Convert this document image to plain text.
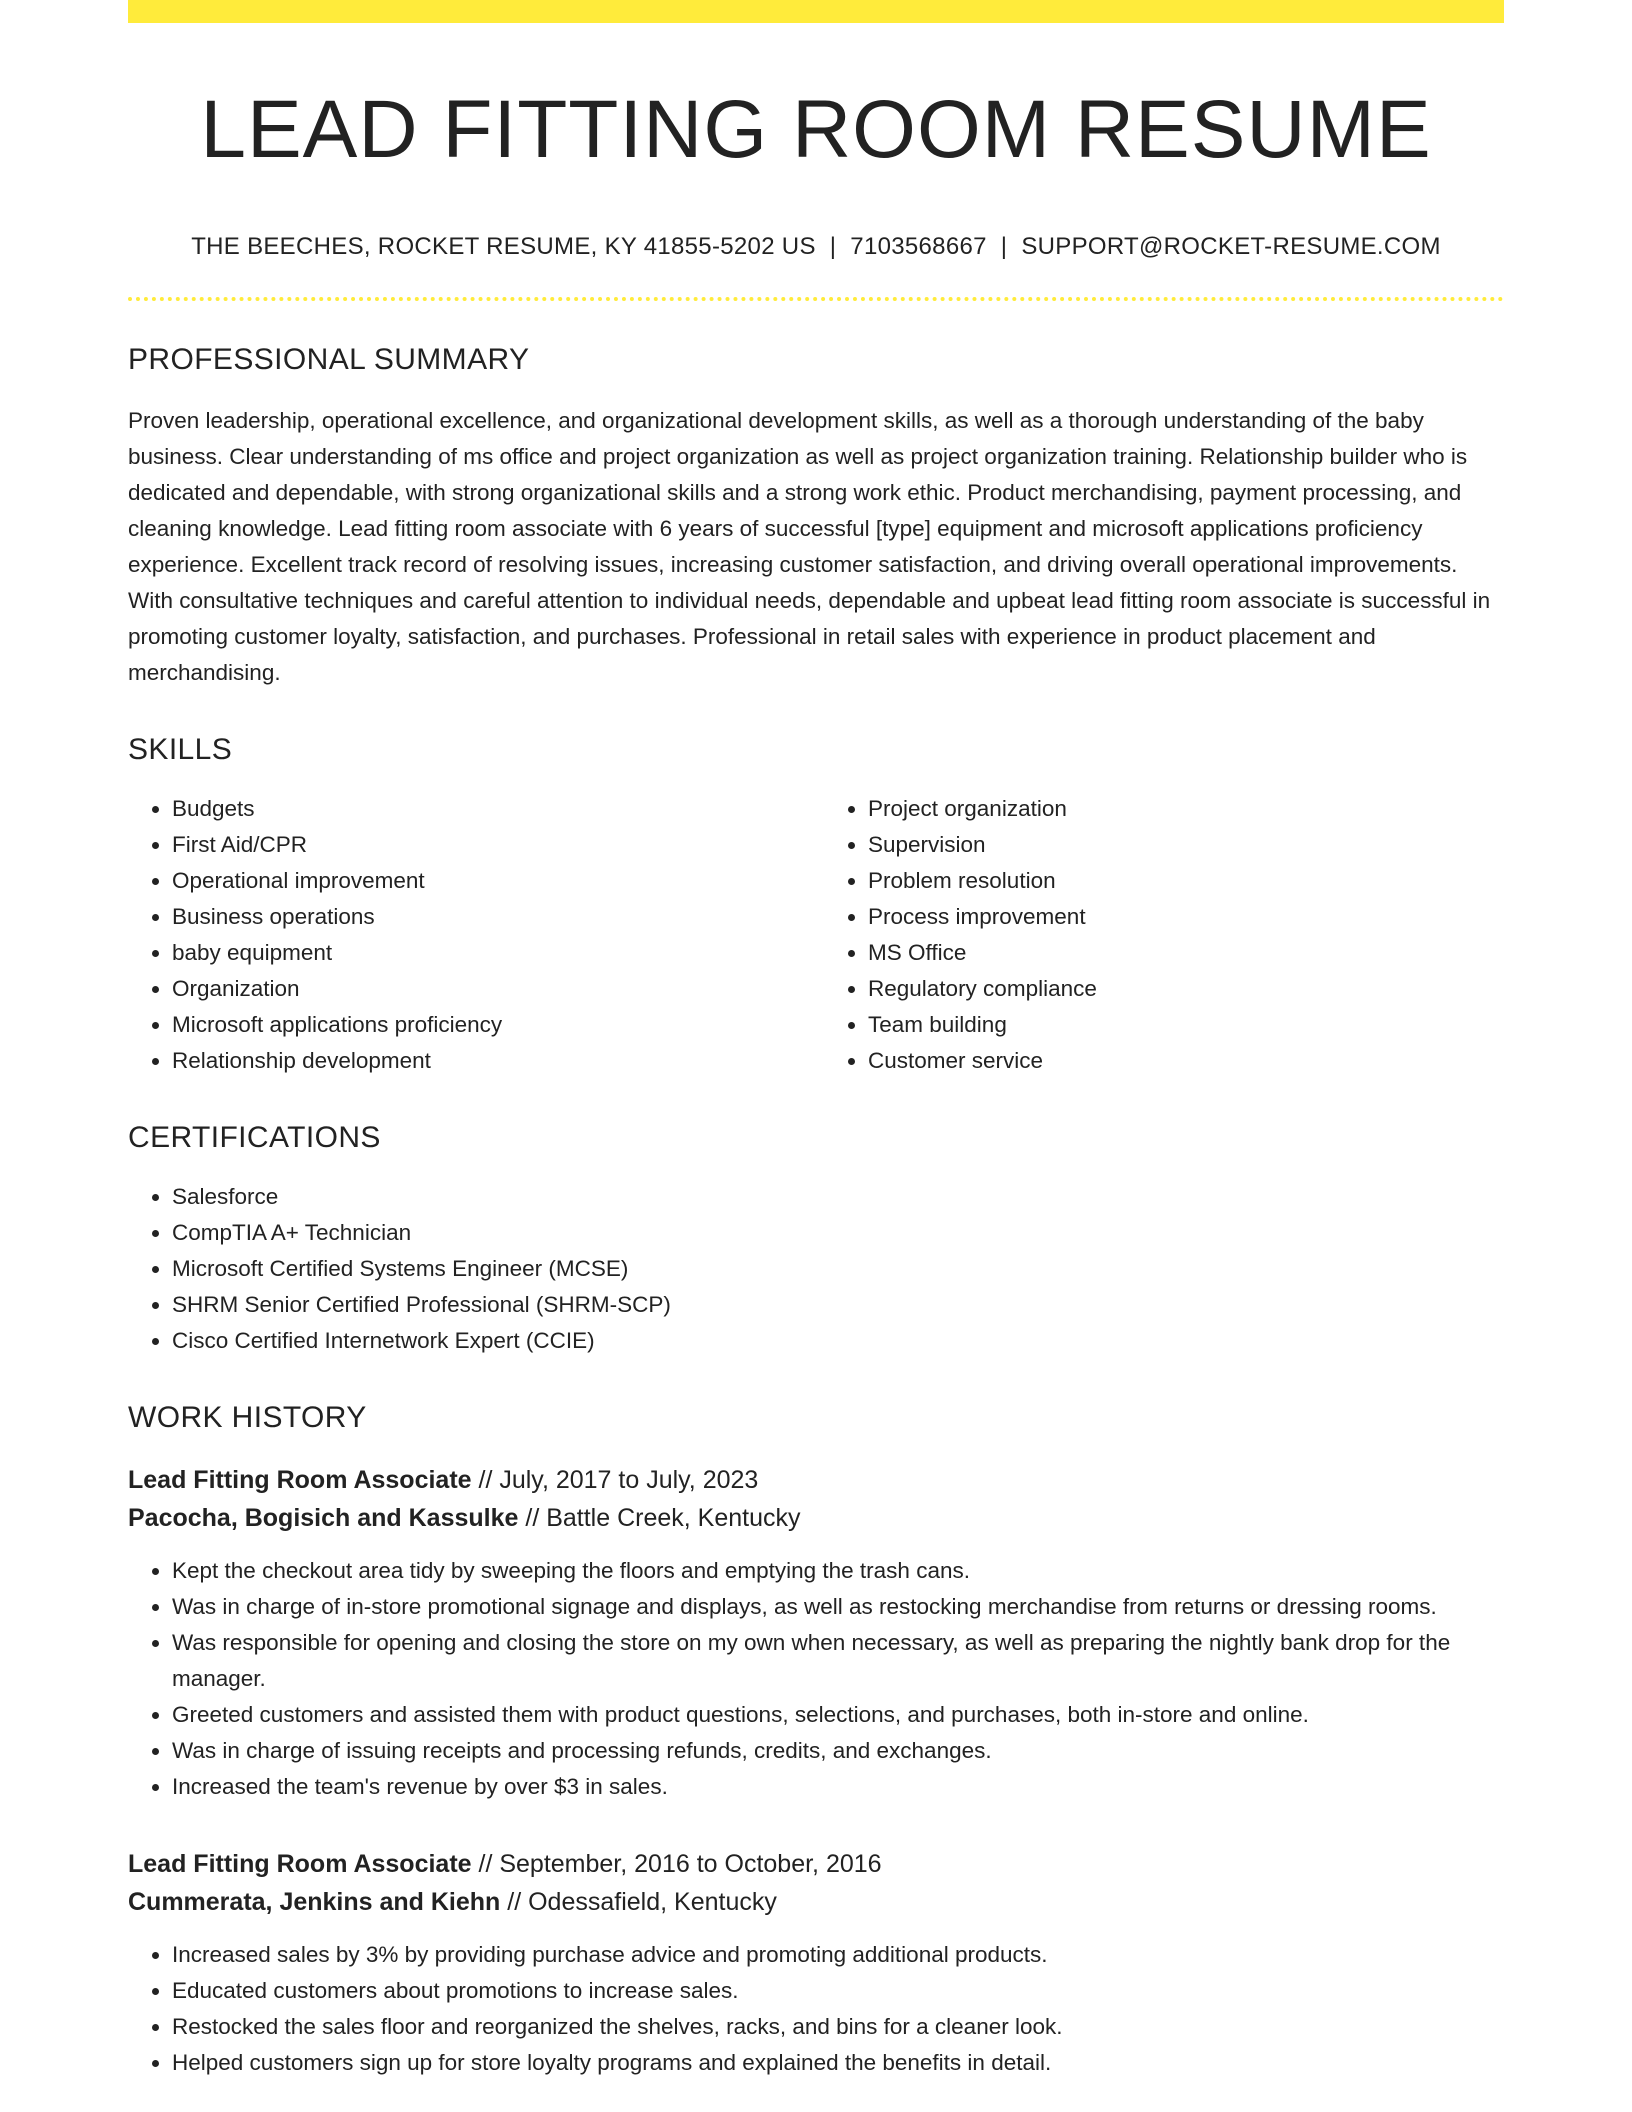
LEAD FITTING ROOM RESUME
THE BEECHES, ROCKET RESUME, KY 41855-5202 US | 7103568667 | SUPPORT@ROCKET-RESUME.COM
PROFESSIONAL SUMMARY
Proven leadership, operational excellence, and organizational development skills, as well as a thorough understanding of the baby business. Clear understanding of ms office and project organization as well as project organization training. Relationship builder who is dedicated and dependable, with strong organizational skills and a strong work ethic. Product merchandising, payment processing, and cleaning knowledge. Lead fitting room associate with 6 years of successful [type] equipment and microsoft applications proficiency experience. Excellent track record of resolving issues, increasing customer satisfaction, and driving overall operational improvements. With consultative techniques and careful attention to individual needs, dependable and upbeat lead fitting room associate is successful in promoting customer loyalty, satisfaction, and purchases. Professional in retail sales with experience in product placement and merchandising.
SKILLS
• Budgets
• First Aid/CPR
• Operational improvement
• Business operations
• baby equipment
• Organization
• Microsoft applications proficiency
• Relationship development
• Project organization
• Supervision
• Problem resolution
• Process improvement
• MS Office
• Regulatory compliance
• Team building
• Customer service
CERTIFICATIONS
• Salesforce
• CompTIA A+ Technician
• Microsoft Certified Systems Engineer (MCSE)
• SHRM Senior Certified Professional (SHRM-SCP)
• Cisco Certified Internetwork Expert (CCIE)
WORK HISTORY
Lead Fitting Room Associate // July, 2017 to July, 2023
Pacocha, Bogisich and Kassulke // Battle Creek, Kentucky
• Kept the checkout area tidy by sweeping the floors and emptying the trash cans.
• Was in charge of in-store promotional signage and displays, as well as restocking merchandise from returns or dressing rooms.
• Was responsible for opening and closing the store on my own when necessary, as well as preparing the nightly bank drop for the manager.
• Greeted customers and assisted them with product questions, selections, and purchases, both in-store and online.
• Was in charge of issuing receipts and processing refunds, credits, and exchanges.
• Increased the team's revenue by over $3 in sales.
Lead Fitting Room Associate // September, 2016 to October, 2016
Cummerata, Jenkins and Kiehn // Odessafield, Kentucky
• Increased sales by 3% by providing purchase advice and promoting additional products.
• Educated customers about promotions to increase sales.
• Restocked the sales floor and reorganized the shelves, racks, and bins for a cleaner look.
• Helped customers sign up for store loyalty programs and explained the benefits in detail.
